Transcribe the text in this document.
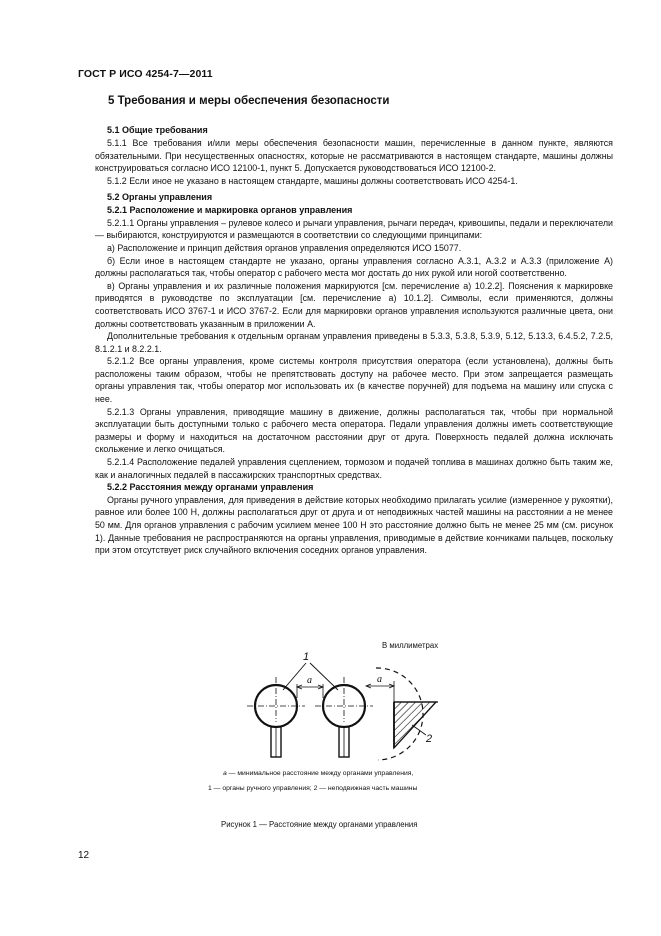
ГОСТ Р ИСО 4254-7—2011
5 Требования и меры обеспечения безопасности
5.1 Общие требования

5.1.1 Все требования и/или меры обеспечения безопасности машин, перечисленные в данном пункте, являются обязательными. При несущественных опасностях, которые не рассматриваются в настоящем стандарте, машины должны конструироваться согласно ИСО 12100-1, пункт 5. Допускается руководствоваться ИСО 12100-2.

5.1.2 Если иное не указано в настоящем стандарте, машины должны соответствовать ИСО 4254-1.

5.2 Органы управления
5.2.1 Расположение и маркировка органов управления

5.2.1.1 Органы управления – рулевое колесо и рычаги управления, рычаги передач, кривошипы, педали и переключатели — выбираются, конструируются и размещаются в соответствии со следующими принципами:

а) Расположение и принцип действия органов управления определяются ИСО 15077.

б) Если иное в настоящем стандарте не указано, органы управления согласно А.3.1, А.3.2 и А.3.3 (приложение А) должны располагаться так, чтобы оператор с рабочего места мог достать до них рукой или ногой соответственно.

в) Органы управления и их различные положения маркируются [см. перечисление а) 10.2.2]. Пояснения к маркировке приводятся в руководстве по эксплуатации [см. перечисление а) 10.1.2]. Символы, если применяются, должны соответствовать ИСО 3767-1 и ИСО 3767-2. Если для маркировки органов управления используются различные цвета, они должны соответствовать указанным в приложении А.

Дополнительные требования к отдельным органам управления приведены в 5.3.3, 5.3.8, 5.3.9, 5.12, 5.13.3, 6.4.5.2, 7.2.5, 8.1.2.1 и 8.2.2.1.

5.2.1.2 Все органы управления, кроме системы контроля присутствия оператора (если установлена), должны быть расположены таким образом, чтобы не препятствовать доступу на рабочее место. При этом запрещается размещать органы управления так, чтобы оператор мог использовать их (в качестве поручней) для подъема на машину или спуска с нее.

5.2.1.3 Органы управления, приводящие машину в движение, должны располагаться так, чтобы при нормальной эксплуатации быть доступными только с рабочего места оператора. Педали управления должны иметь соответствующие размеры и форму и находиться на достаточном расстоянии друг от друга. Поверхность педалей должна исключать скольжение и легко очищаться.

5.2.1.4 Расположение педалей управления сцеплением, тормозом и подачей топлива в машинах должно быть таким же, как и аналогичных педалей в пассажирских транспортных средствах.

5.2.2 Расстояния между органами управления

Органы ручного управления, для приведения в действие которых необходимо прилагать усилие (измеренное у рукоятки), равное или более 100 Н, должны располагаться друг от друга и от неподвижных частей машины на расстоянии a не менее 50 мм. Для органов управления с рабочим усилием менее 100 Н это расстояние должно быть не менее 25 мм (см. рисунок 1). Данные требования не распространяются на органы управления, приводимые в действие кончиками пальцев, поскольку при этом отсутствует риск случайного включения соседних органов управления.

В миллиметрах
1
a	a
2
a — минимальное расстояние между органами управления,
1 — органы ручного управления; 2 — неподвижная часть машины
Рисунок 1 — Расстояние между органами управления
12
